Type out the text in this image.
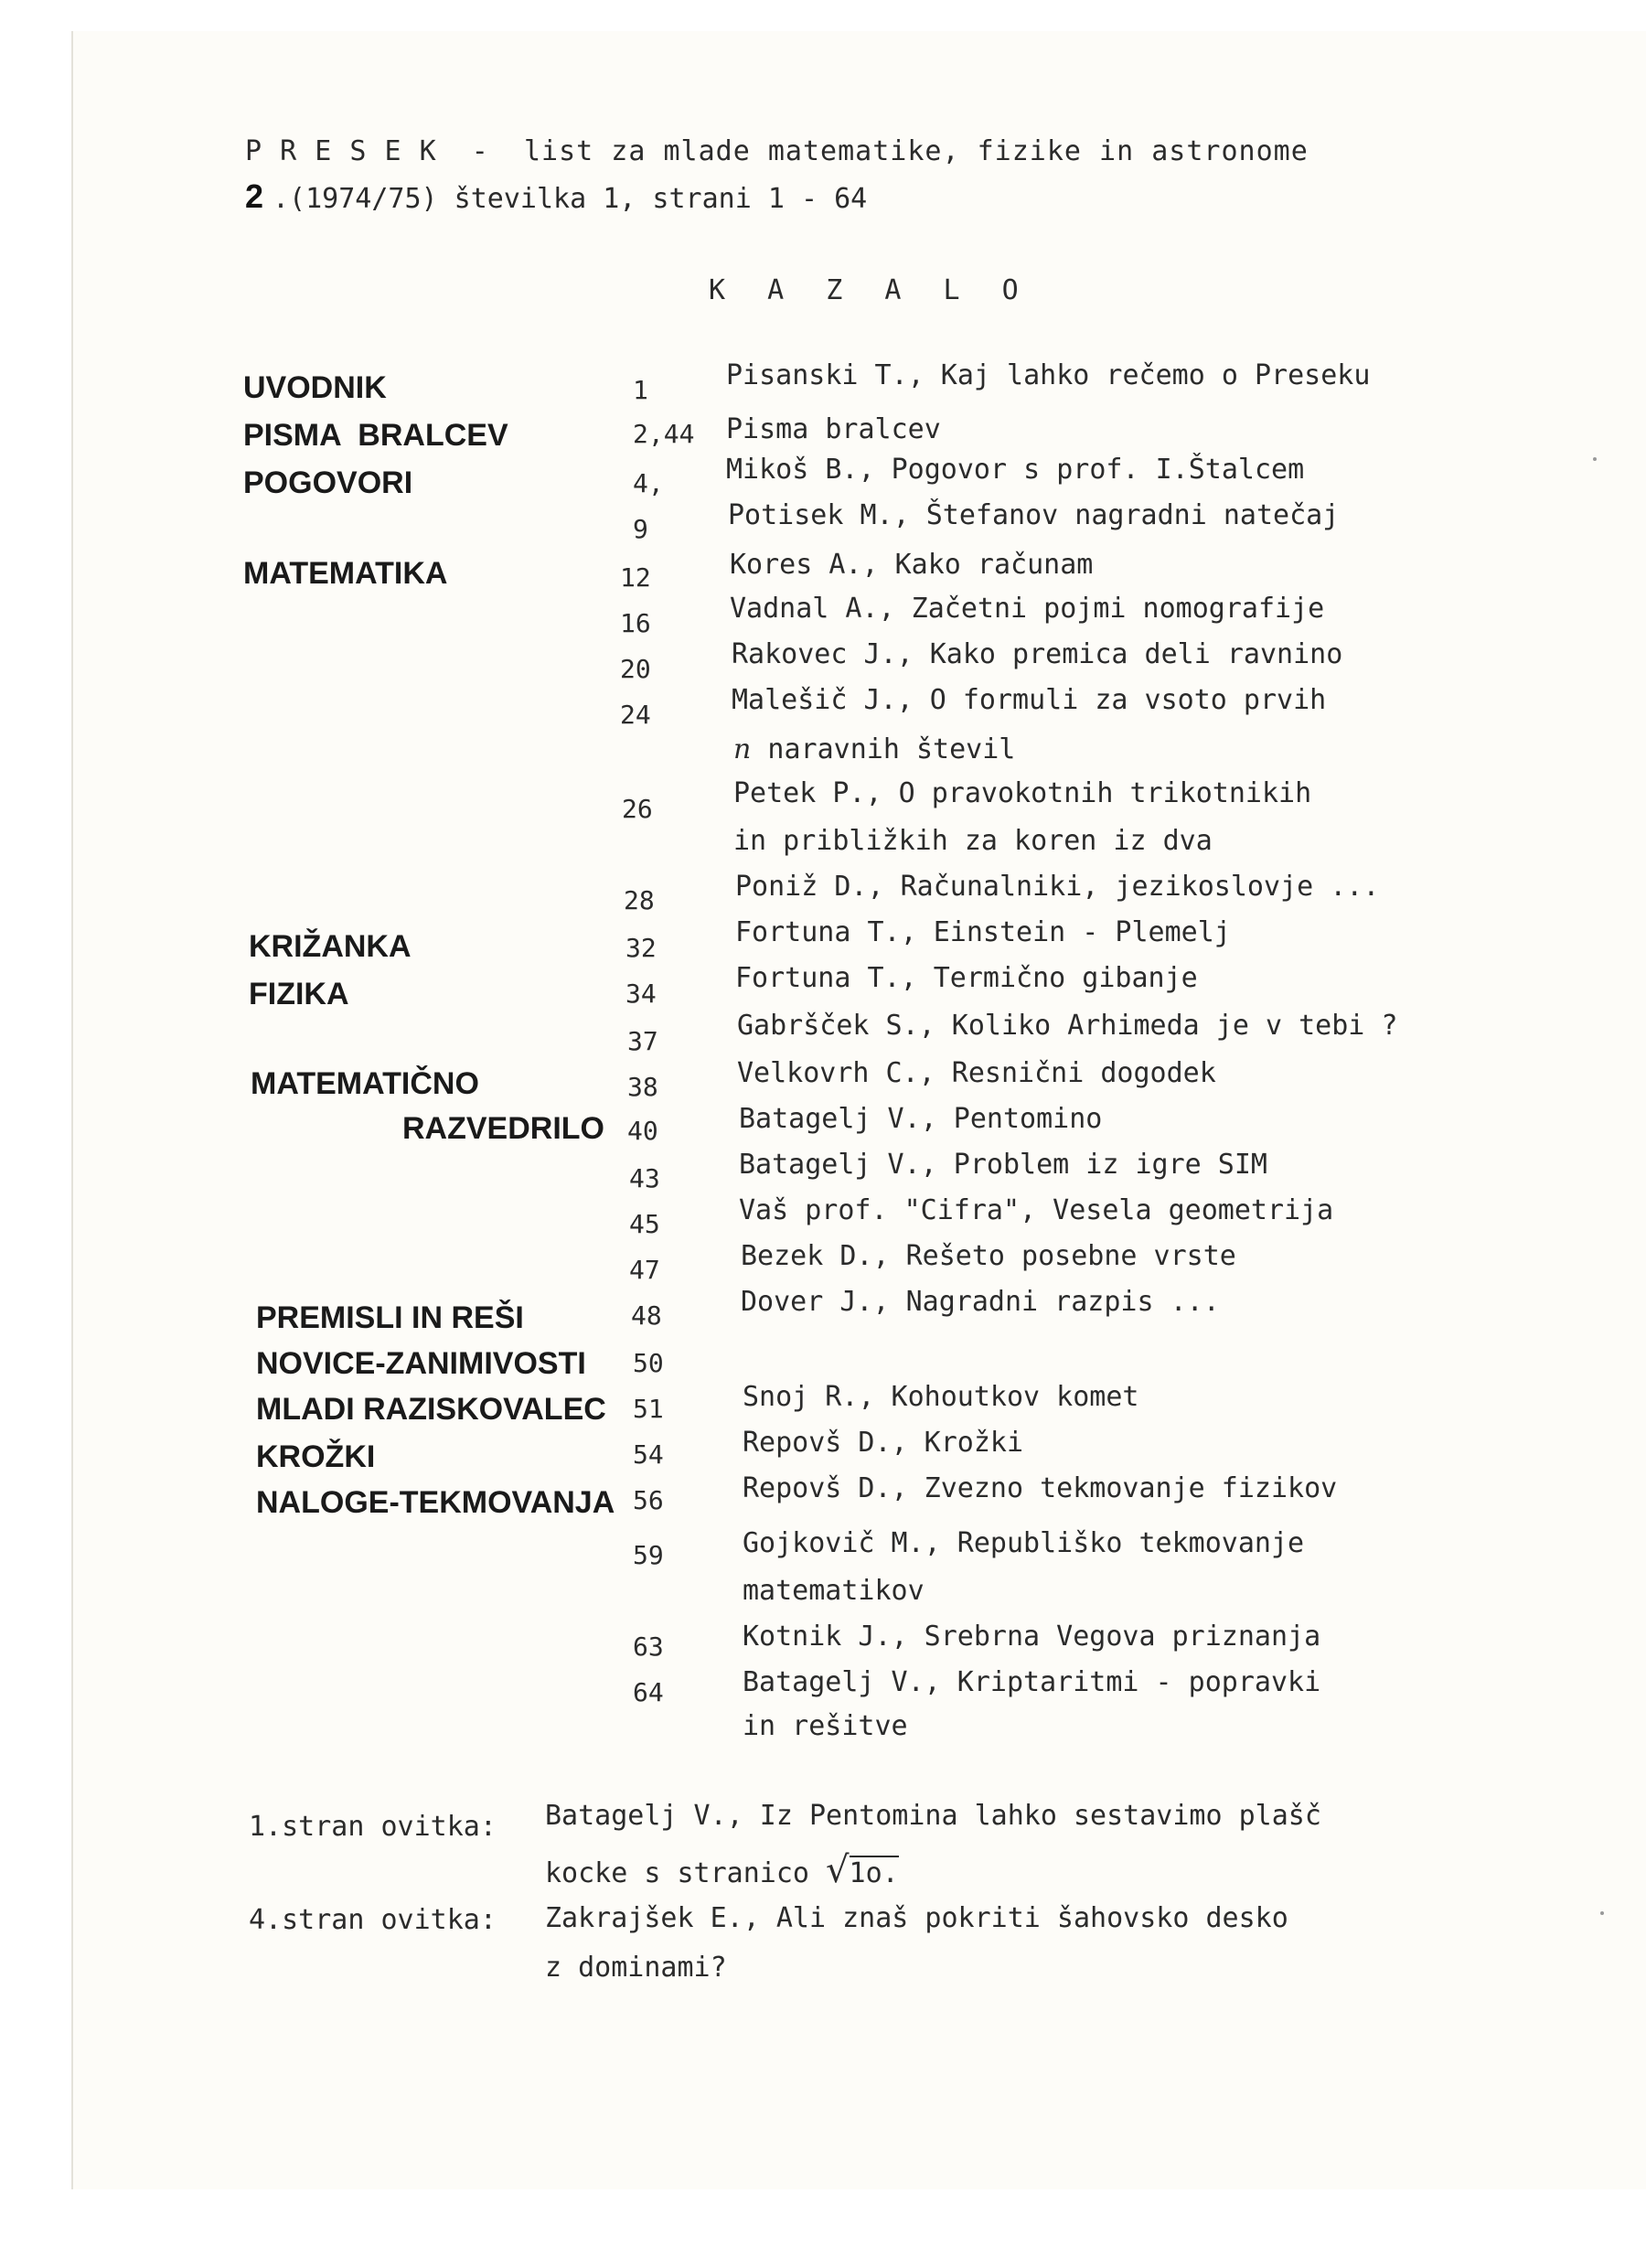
P R E S E K  -  list za mlade matematike, fizike in astronome
2 .(1974/75) številka 1, strani 1 - 64
K A Z A L O
UVODNIK
PISMA  BRALCEV
POGOVORI
MATEMATIKA
KRIŽANKA
FIZIKA
MATEMATIČNO
RAZVEDRILO
PREMISLI IN REŠI
NOVICE-ZANIMIVOSTI
MLADI RAZISKOVALEC
KROŽKI
NALOGE-TEKMOVANJA
1
2,44
4,
9
12
16
20
24
26
28
32
34
37
38
40
43
45
47
48
50
51
54
56
59
63
64
Pisanski T., Kaj lahko rečemo o Preseku
Pisma bralcev
Mikoš B., Pogovor s prof. I.Štalcem
Potisek M., Štefanov nagradni natečaj
Kores A., Kako računam
Vadnal A., Začetni pojmi nomografije
Rakovec J., Kako premica deli ravnino
Malešič J., O formuli za vsoto prvih
n naravnih števil
Petek P., O pravokotnih trikotnikih
in približkih za koren iz dva
Poniž D., Računalniki, jezikoslovje ...
Fortuna T., Einstein - Plemelj
Fortuna T., Termično gibanje
Gabršček S., Koliko Arhimeda je v tebi ?
Velkovrh C., Resnični dogodek
Batagelj V., Pentomino
Batagelj V., Problem iz igre SIM
Vaš prof. "Cifra", Vesela geometrija
Bezek D., Rešeto posebne vrste
Dover J., Nagradni razpis ...
Snoj R., Kohoutkov komet
Repovš D., Krožki
Repovš D., Zvezno tekmovanje fizikov
Gojkovič M., Republiško tekmovanje
matematikov
Kotnik J., Srebrna Vegova priznanja
Batagelj V., Kriptaritmi - popravki
in rešitve
1.stran ovitka: Batagelj V., Iz Pentomina lahko sestavimo plašč
kocke s stranico √1o.
4.stran ovitka: Zakrajšek E., Ali znaš pokriti šahovsko desko
z dominami?
